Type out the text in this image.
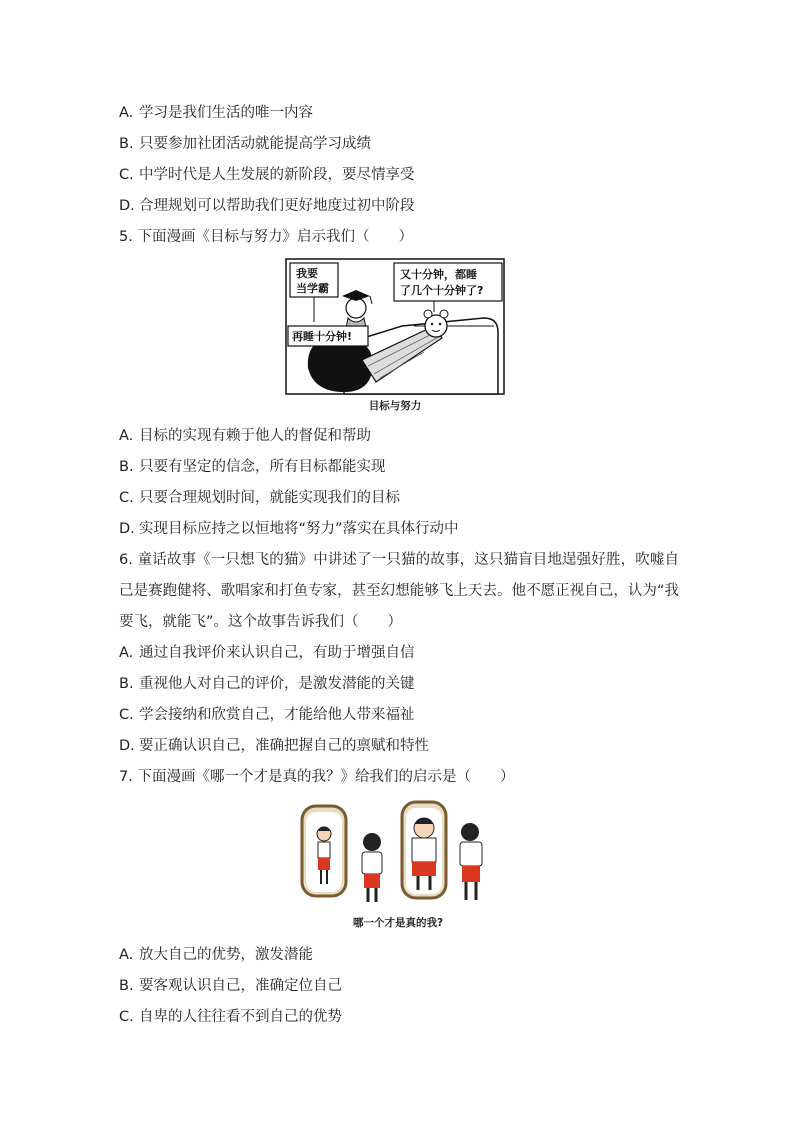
A. 学习是我们生活的唯一内容
B. 只要参加社团活动就能提高学习成绩
C. 中学时代是人生发展的新阶段，要尽情享受
D. 合理规划可以帮助我们更好地度过初中阶段
5. 下面漫画《目标与努力》启示我们（　　）
我要
当学霸
又十分钟，都睡
了几个十分钟了?
再睡十分钟!
目标与努力
A. 目标的实现有赖于他人的督促和帮助
B. 只要有坚定的信念，所有目标都能实现
C. 只要合理规划时间，就能实现我们的目标
D. 实现目标应持之以恒地将“努力”落实在具体行动中
6. 童话故事《一只想飞的猫》中讲述了一只猫的故事，这只猫盲目地逞强好胜，吹嘘自己是赛跑健将、歌唱家和打鱼专家，甚至幻想能够飞上天去。他不愿正视自己，认为“我要飞，就能飞”。这个故事告诉我们（　　）
A. 通过自我评价来认识自己，有助于增强自信
B. 重视他人对自己的评价，是激发潜能的关键
C. 学会接纳和欣赏自己，才能给他人带来福祉
D. 要正确认识自己，准确把握自己的禀赋和特性
7. 下面漫画《哪一个才是真的我？》给我们的启示是（　　）
哪一个才是真的我?
A. 放大自己的优势，激发潜能
B. 要客观认识自己，准确定位自己
C. 自卑的人往往看不到自己的优势
